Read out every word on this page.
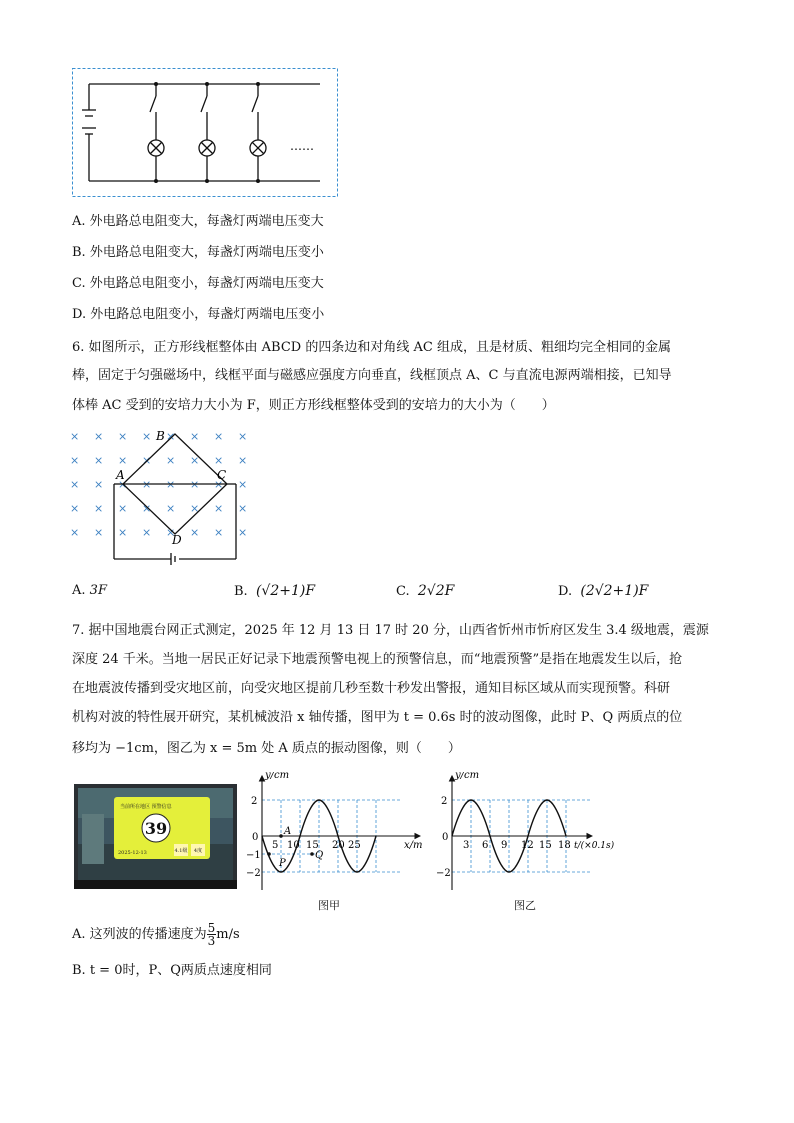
……
A. 外电路总电阻变大，每盏灯两端电压变大
B. 外电路总电阻变大，每盏灯两端电压变小
C. 外电路总电阻变小，每盏灯两端电压变大
D. 外电路总电阻变小，每盏灯两端电压变小
6. 如图所示，正方形线框整体由 ABCD 的四条边和对角线 AC 组成，且是材质、粗细均完全相同的金属
棒，固定于匀强磁场中，线框平面与磁感应强度方向垂直，线框顶点 A、C 与直流电源两端相接，已知导
体棒 AC 受到的安培力大小为 F，则正方形线框整体受到的安培力的大小为（　　）
× × × × × × × ×
× × × × × × × ×
× × × × × × × ×
× × × × × × × ×
× × × × × × × ×
B
A	C
D
A. 3F	B. (√2+1)F	C. 2√2F	D. (2√2+1)F
7. 据中国地震台网正式测定，2025 年 12 月 13 日 17 时 20 分，山西省忻州市忻府区发生 3.4 级地震，震源
深度 24 千米。当地一居民正好记录下地震预警电视上的预警信息，而“地震预警”是指在地震发生以后，抢
在地震波传播到受灾地区前，向受灾地区提前几秒至数十秒发出警报，通知目标区域从而实现预警。科研
机构对波的特性展开研究，某机械波沿 x 轴传播，图甲为 t = 0.6s 时的波动图像，此时 P、Q 两质点的位
移均为 −1cm，图乙为 x = 5m 处 A 质点的振动图像，则（　　）
当前所在地区 预警信息
39
2025-12-13	4.1级 4度
y/cm
x/m
2
0
−1
−2
5 10 15 20 25
A
P
Q
图甲
y/cm
t/(×0.1s)
2
0
−2
3 6 9 12 15 18
图乙
A. 这列波的传播速度为 $\frac{5}{3} m/s$
B. t = 0时，P、Q两质点速度相同
